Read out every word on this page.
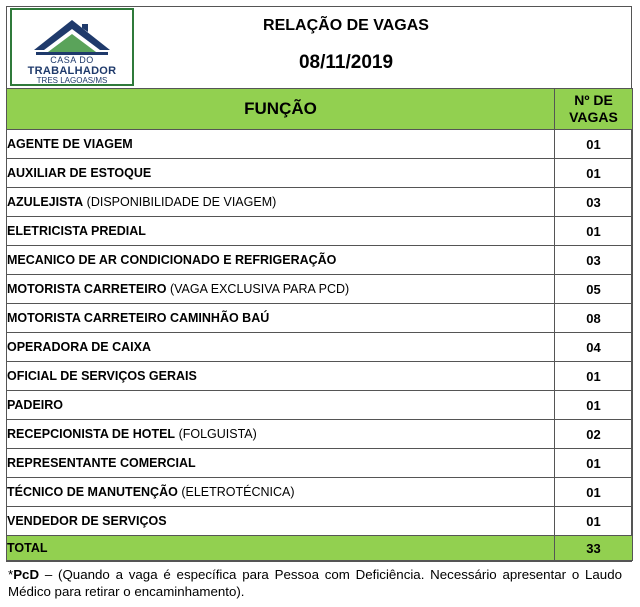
CASA DO
TRABALHADOR
TRES LAGOAS/MS
RELAÇÃO DE VAGAS
08/11/2019
FUNÇÃO	Nº DE
VAGAS
AGENTE DE VIAGEM	01
AUXILIAR DE ESTOQUE	01
AZULEJISTA (DISPONIBILIDADE DE VIAGEM)	03
ELETRICISTA PREDIAL	01
MECANICO DE AR CONDICIONADO E REFRIGERAÇÃO	03
MOTORISTA CARRETEIRO (VAGA EXCLUSIVA PARA PCD)	05
MOTORISTA CARRETEIRO CAMINHÃO BAÚ	08
OPERADORA DE CAIXA	04
OFICIAL DE SERVIÇOS GERAIS	01
PADEIRO	01
RECEPCIONISTA DE HOTEL (FOLGUISTA)	02
REPRESENTANTE COMERCIAL	01
TÉCNICO DE MANUTENÇÃO (ELETROTÉCNICA)	01
VENDEDOR DE SERVIÇOS	01
TOTAL	33
*PcD – (Quando a vaga é específica para Pessoa com Deficiência. Necessário apresentar o Laudo Médico para retirar o encaminhamento).
